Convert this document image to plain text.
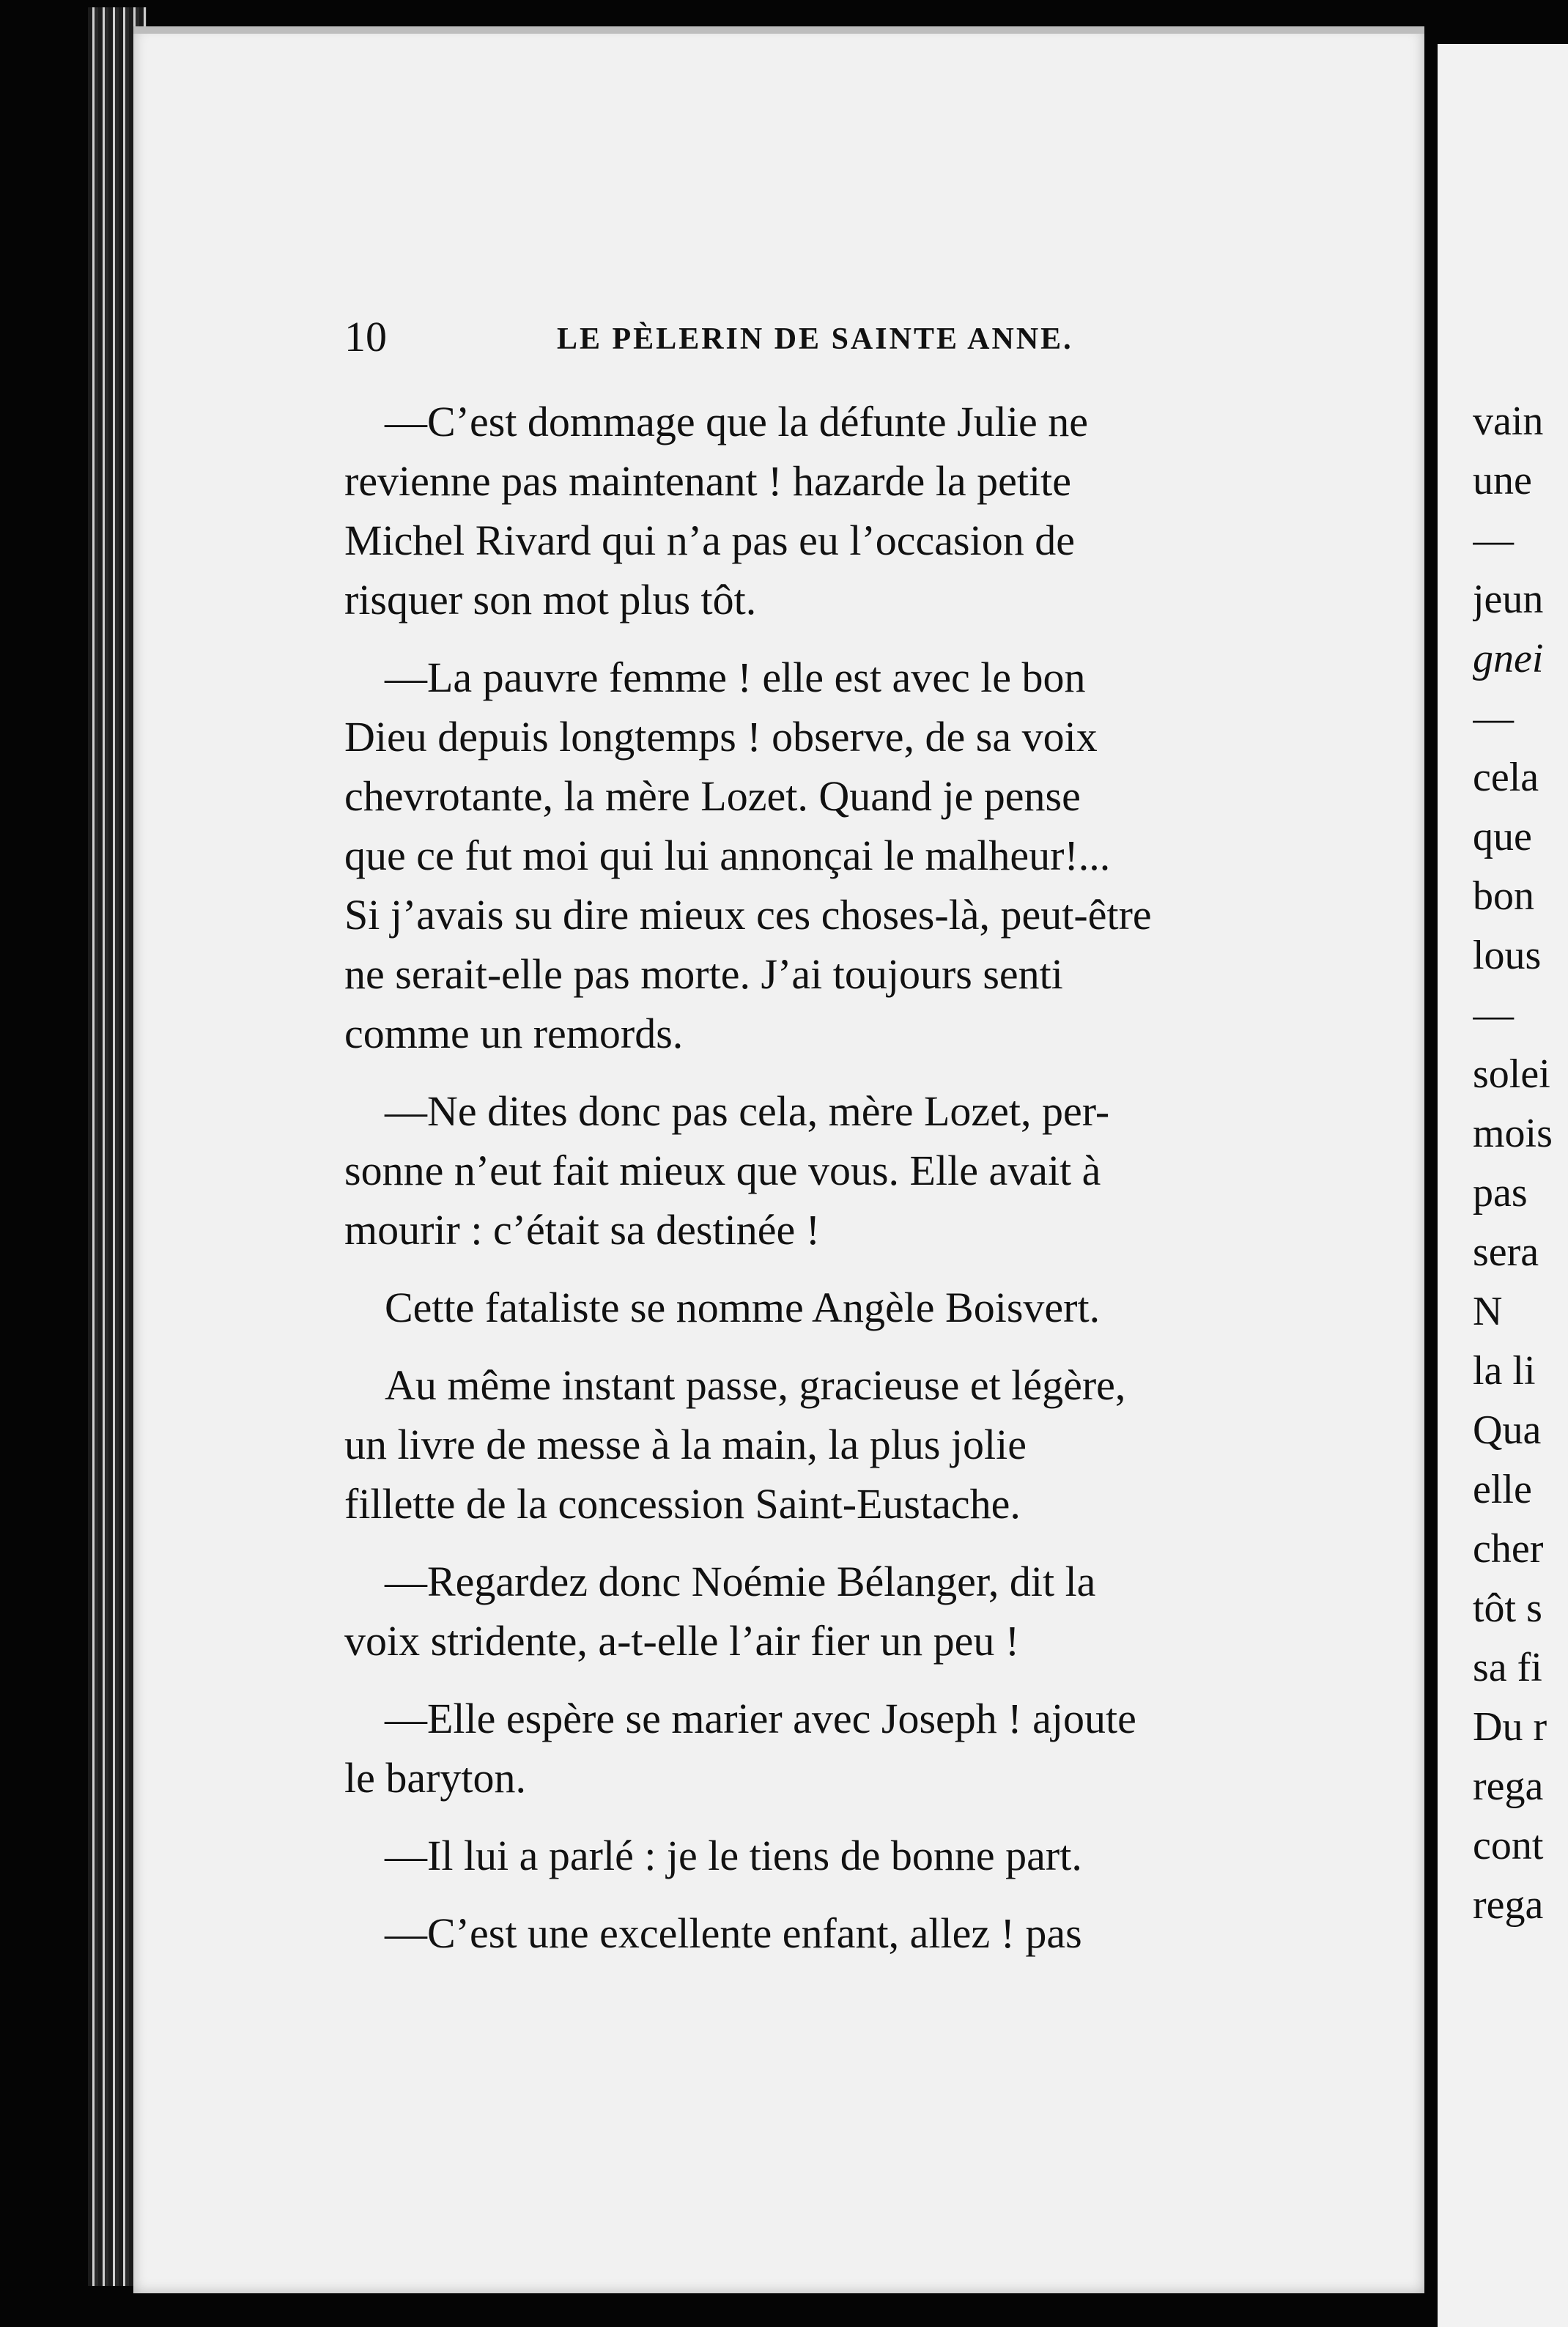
10	LE PÈLERIN DE SAINTE ANNE.
—C’est dommage que la défunte Julie ne
revienne pas maintenant ! hazarde la petite
Michel Rivard qui n’a pas eu l’occasion de
risquer son mot plus tôt.
—La pauvre femme ! elle est avec le bon
Dieu depuis longtemps ! observe, de sa voix
chevrotante, la mère Lozet. Quand je pense
que ce fut moi qui lui annonçai le malheur!...
Si j’avais su dire mieux ces choses-là, peut-être
ne serait-elle pas morte. J’ai toujours senti
comme un remords.
—Ne dites donc pas cela, mère Lozet, per-
sonne n’eut fait mieux que vous. Elle avait à
mourir : c’était sa destinée !
Cette fataliste se nomme Angèle Boisvert.
Au même instant passe, gracieuse et légère,
un livre de messe à la main, la plus jolie
fillette de la concession Saint-Eustache.
—Regardez donc Noémie Bélanger, dit la
voix stridente, a-t-elle l’air fier un peu !
—Elle espère se marier avec Joseph ! ajoute
le baryton.
—Il lui a parlé : je le tiens de bonne part.
—C’est une excellente enfant, allez ! pas
vain
une
—
jeun
gnei
—
cela
que
bon
lous
—
solei
mois
pas
sera
N
la li
Qua
elle
cher
tôt s
sa fi
Du r
rega
cont
rega
